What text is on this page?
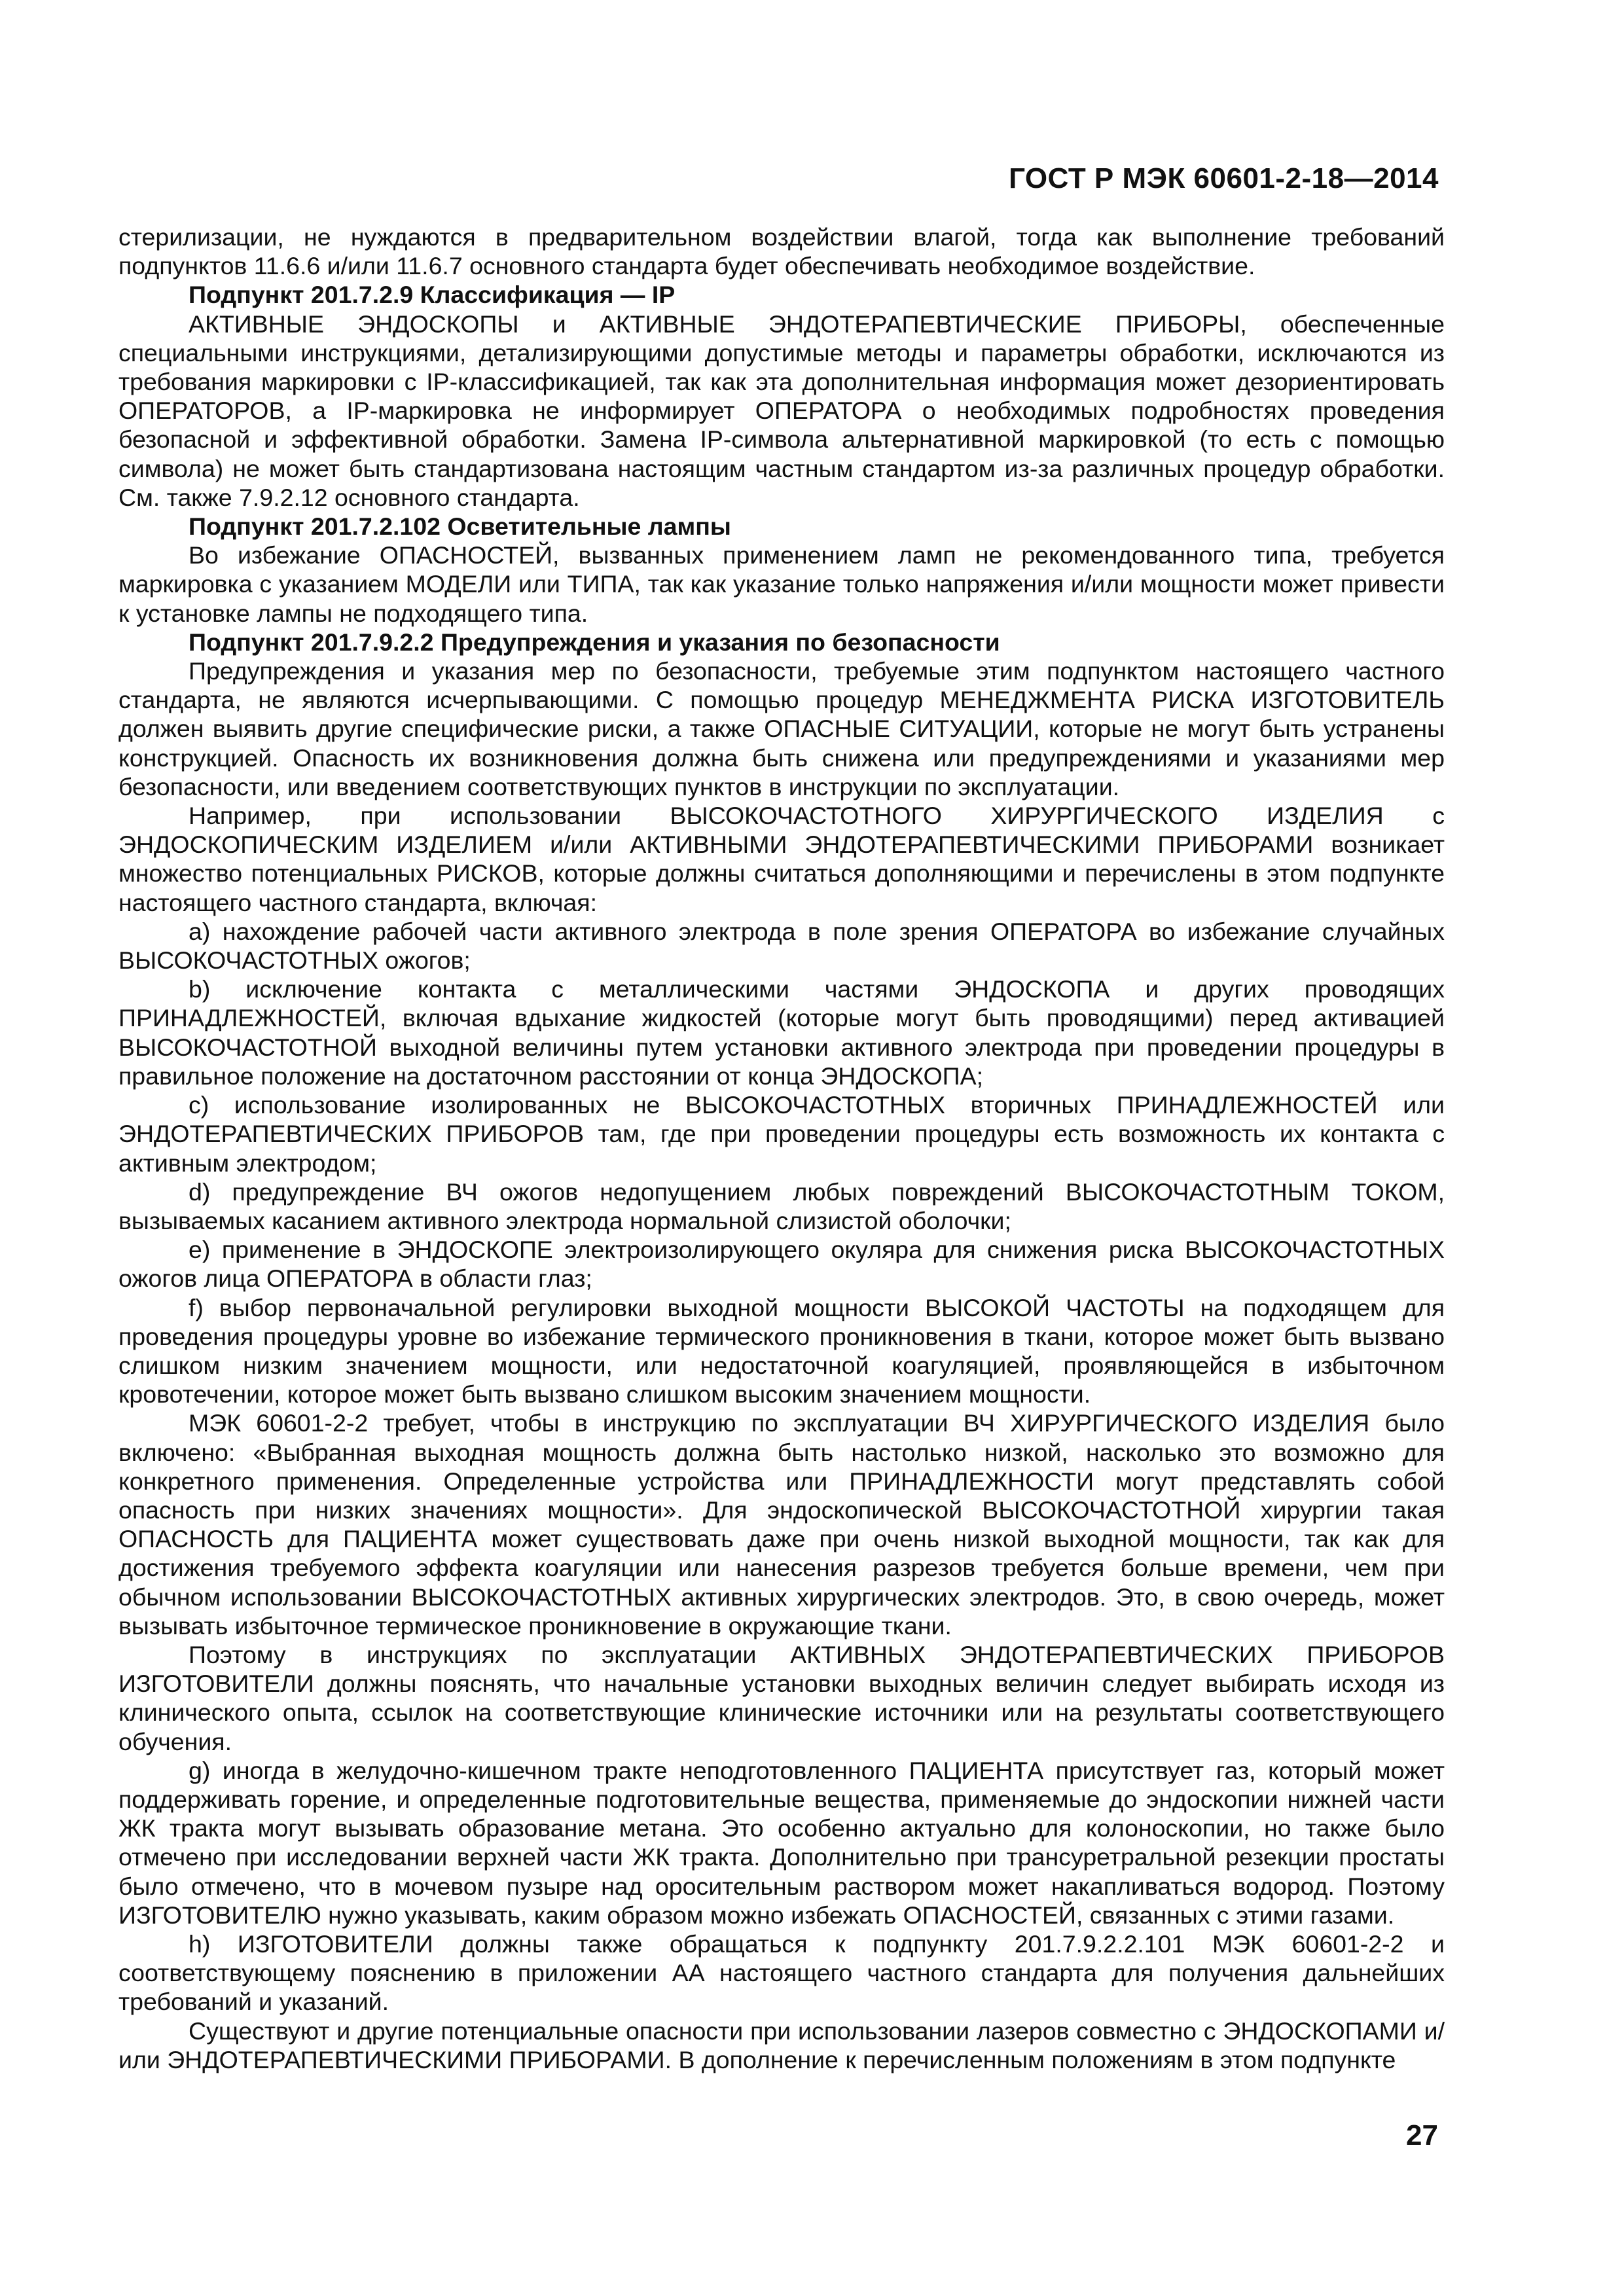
ГОСТ Р МЭК 60601-2-18—2014

стерилизации, не нуждаются в предварительном воздействии влагой, тогда как выполнение требований подпунктов 11.6.6 и/или 11.6.7 основного стандарта будет обеспечивать необходимое воздействие.

Подпункт 201.7.2.9 Классификация — IP

АКТИВНЫЕ ЭНДОСКОПЫ и АКТИВНЫЕ ЭНДОТЕРАПЕВТИЧЕСКИЕ ПРИБОРЫ, обеспеченные специальными инструкциями, детализирующими допустимые методы и параметры обработки, исключаются из требования маркировки с IP-классификацией, так как эта дополнительная информация может дезориентировать ОПЕРАТОРОВ, а IP-маркировка не информирует ОПЕРАТОРА о необходимых подробностях проведения безопасной и эффективной обработки. Замена IP-символа альтернативной маркировкой (то есть с помощью символа) не может быть стандартизована настоящим частным стандартом из-за различных процедур обработки. См. также 7.9.2.12 основного стандарта.

Подпункт 201.7.2.102 Осветительные лампы

Во избежание ОПАСНОСТЕЙ, вызванных применением ламп не рекомендованного типа, требуется маркировка с указанием МОДЕЛИ или ТИПА, так как указание только напряжения и/или мощности может привести к установке лампы не подходящего типа.

Подпункт 201.7.9.2.2 Предупреждения и указания по безопасности

Предупреждения и указания мер по безопасности, требуемые этим подпунктом настоящего частного стандарта, не являются исчерпывающими. С помощью процедур МЕНЕДЖМЕНТА РИСКА ИЗГОТОВИТЕЛЬ должен выявить другие специфические риски, а также ОПАСНЫЕ СИТУАЦИИ, которые не могут быть устранены конструкцией. Опасность их возникновения должна быть снижена или предупреждениями и указаниями мер безопасности, или введением соответствующих пунктов в инструкции по эксплуатации.

Например, при использовании ВЫСОКОЧАСТОТНОГО ХИРУРГИЧЕСКОГО ИЗДЕЛИЯ с ЭНДОСКОПИЧЕСКИМ ИЗДЕЛИЕМ и/или АКТИВНЫМИ ЭНДОТЕРАПЕВТИЧЕСКИМИ ПРИБОРАМИ возникает множество потенциальных РИСКОВ, которые должны считаться дополняющими и перечислены в этом подпункте настоящего частного стандарта, включая:

a) нахождение рабочей части активного электрода в поле зрения ОПЕРАТОРА во избежание случайных ВЫСОКОЧАСТОТНЫХ ожогов;

b) исключение контакта с металлическими частями ЭНДОСКОПА и других проводящих ПРИНАДЛЕЖНОСТЕЙ, включая вдыхание жидкостей (которые могут быть проводящими) перед активацией ВЫСОКОЧАСТОТНОЙ выходной величины путем установки активного электрода при проведении процедуры в правильное положение на достаточном расстоянии от конца ЭНДОСКОПА;

c) использование изолированных не ВЫСОКОЧАСТОТНЫХ вторичных ПРИНАДЛЕЖНОСТЕЙ или ЭНДОТЕРАПЕВТИЧЕСКИХ ПРИБОРОВ там, где при проведении процедуры есть возможность их контакта с активным электродом;

d) предупреждение ВЧ ожогов недопущением любых повреждений ВЫСОКОЧАСТОТНЫМ ТОКОМ, вызываемых касанием активного электрода нормальной слизистой оболочки;

e) применение в ЭНДОСКОПЕ электроизолирующего окуляра для снижения риска ВЫСОКОЧАСТОТНЫХ ожогов лица ОПЕРАТОРА в области глаз;

f) выбор первоначальной регулировки выходной мощности ВЫСОКОЙ ЧАСТОТЫ на подходящем для проведения процедуры уровне во избежание термического проникновения в ткани, которое может быть вызвано слишком низким значением мощности, или недостаточной коагуляцией, проявляющейся в избыточном кровотечении, которое может быть вызвано слишком высоким значением мощности.

МЭК 60601-2-2 требует, чтобы в инструкцию по эксплуатации ВЧ ХИРУРГИЧЕСКОГО ИЗДЕЛИЯ было включено: «Выбранная выходная мощность должна быть настолько низкой, насколько это возможно для конкретного применения. Определенные устройства или ПРИНАДЛЕЖНОСТИ могут представлять собой опасность при низких значениях мощности». Для эндоскопической ВЫСОКОЧАСТОТНОЙ хирургии такая ОПАСНОСТЬ для ПАЦИЕНТА может существовать даже при очень низкой выходной мощности, так как для достижения требуемого эффекта коагуляции или нанесения разрезов требуется больше времени, чем при обычном использовании ВЫСОКОЧАСТОТНЫХ активных хирургических электродов. Это, в свою очередь, может вызывать избыточное термическое проникновение в окружающие ткани.

Поэтому в инструкциях по эксплуатации АКТИВНЫХ ЭНДОТЕРАПЕВТИЧЕСКИХ ПРИБОРОВ ИЗГОТОВИТЕЛИ должны пояснять, что начальные установки выходных величин следует выбирать исходя из клинического опыта, ссылок на соответствующие клинические источники или на результаты соответствующего обучения.

g) иногда в желудочно-кишечном тракте неподготовленного ПАЦИЕНТА присутствует газ, который может поддерживать горение, и определенные подготовительные вещества, применяемые до эндоскопии нижней части ЖК тракта могут вызывать образование метана. Это особенно актуально для колоноскопии, но также было отмечено при исследовании верхней части ЖК тракта. Дополнительно при трансуретральной резекции простаты было отмечено, что в мочевом пузыре над оросительным раствором может накапливаться водород. Поэтому ИЗГОТОВИТЕЛЮ нужно указывать, каким образом можно избежать ОПАСНОСТЕЙ, связанных с этими газами.

h) ИЗГОТОВИТЕЛИ должны также обращаться к подпункту 201.7.9.2.2.101 МЭК 60601-2-2 и соответствующему пояснению в приложении АА настоящего частного стандарта для получения дальнейших требований и указаний.

Существуют и другие потенциальные опасности при использовании лазеров совместно с ЭНДОСКОПАМИ и/или ЭНДОТЕРАПЕВТИЧЕСКИМИ ПРИБОРАМИ. В дополнение к перечисленным положениям в этом подпункте

27
